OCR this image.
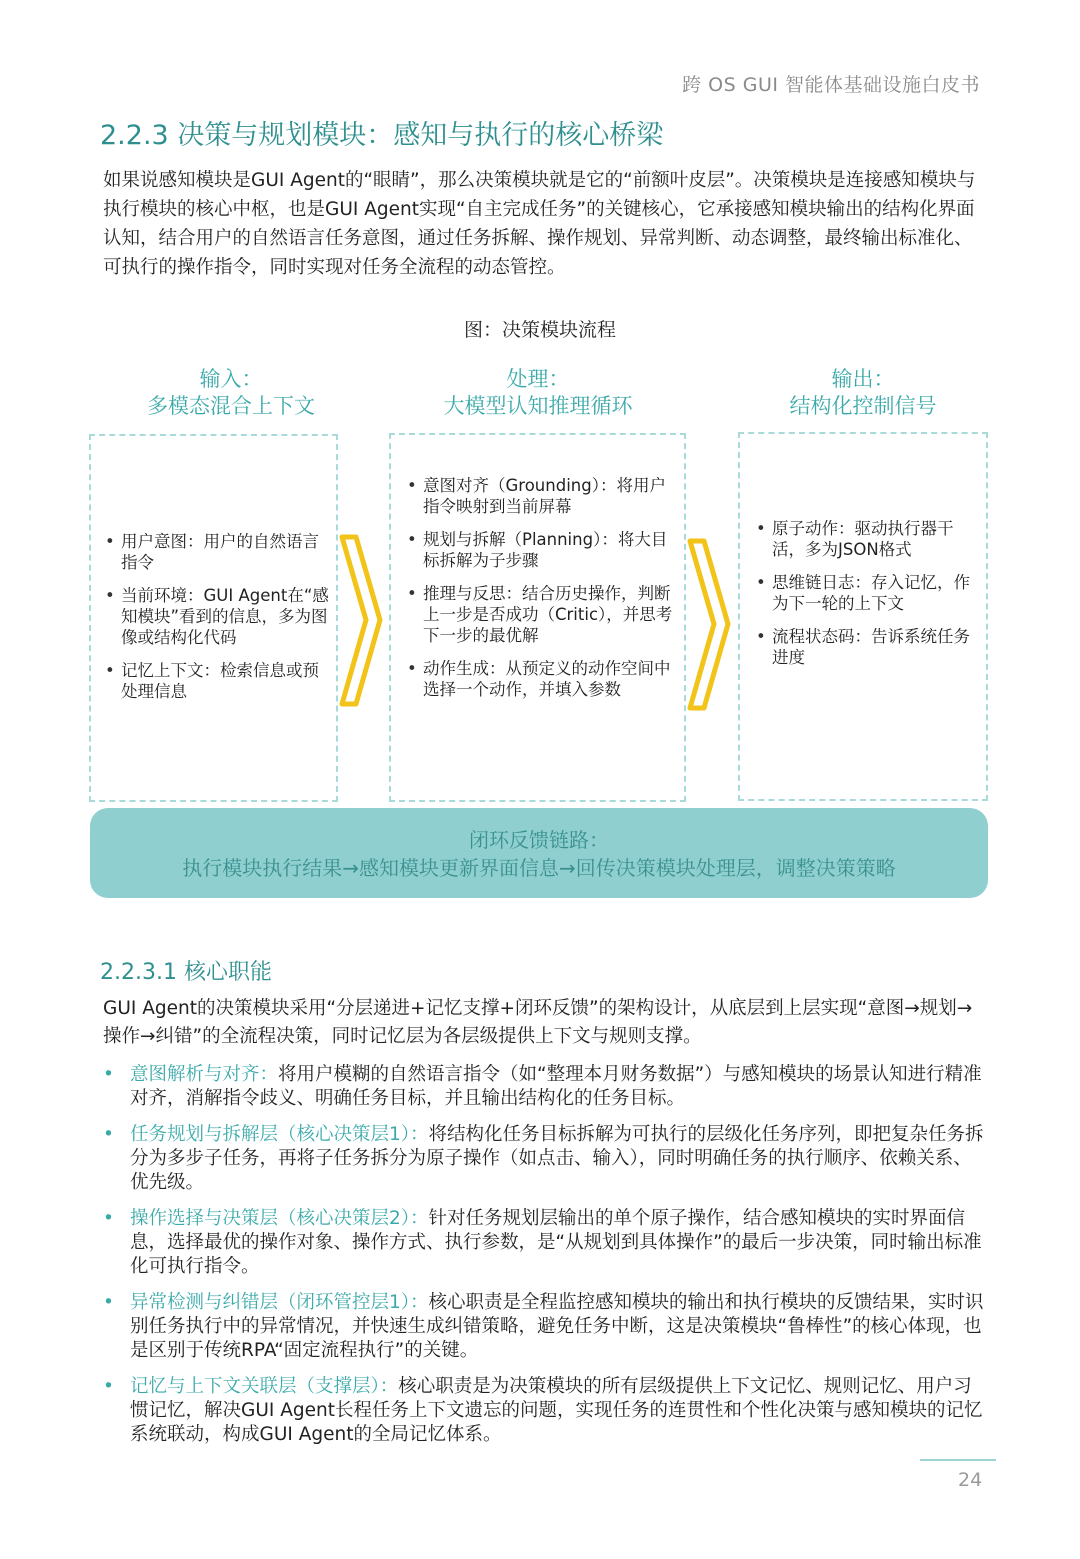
跨 OS GUI 智能体基础设施白皮书
2.2.3 决策与规划模块：感知与执行的核心桥梁
如果说感知模块是GUI Agent的“眼睛”，那么决策模块就是它的“前额叶皮层”。决策模块是连接感知模块与执行模块的核心中枢，也是GUI Agent实现“自主完成任务”的关键核心，它承接感知模块输出的结构化界面认知，结合用户的自然语言任务意图，通过任务拆解、操作规划、异常判断、动态调整，最终输出标准化、可执行的操作指令，同时实现对任务全流程的动态管控。
图：决策模块流程
输入：
多模态混合上下文
处理：
大模型认知推理循环
输出：
结构化控制信号
• 用户意图：用户的自然语言指令
• 当前环境：GUI Agent在“感知模块”看到的信息，多为图像或结构化代码
• 记忆上下文：检索信息或预处理信息
• 意图对齐（Grounding）：将用户指令映射到当前屏幕
• 规划与拆解（Planning）：将大目标拆解为子步骤
• 推理与反思：结合历史操作，判断上一步是否成功（Critic），并思考下一步的最优解
• 动作生成：从预定义的动作空间中选择一个动作，并填入参数
• 原子动作：驱动执行器干活，多为JSON格式
• 思维链日志：存入记忆，作为下一轮的上下文
• 流程状态码：告诉系统任务进度
闭环反馈链路：
执行模块执行结果→感知模块更新界面信息→回传决策模块处理层，调整决策策略
2.2.3.1 核心职能
GUI Agent的决策模块采用“分层递进+记忆支撑+闭环反馈”的架构设计，从底层到上层实现“意图→规划→操作→纠错”的全流程决策，同时记忆层为各层级提供上下文与规则支撑。
• 意图解析与对齐：将用户模糊的自然语言指令（如“整理本月财务数据”）与感知模块的场景认知进行精准对齐，消解指令歧义、明确任务目标，并且输出结构化的任务目标。
• 任务规划与拆解层（核心决策层1）：将结构化任务目标拆解为可执行的层级化任务序列，即把复杂任务拆分为多步子任务，再将子任务拆分为原子操作（如点击、输入），同时明确任务的执行顺序、依赖关系、优先级。
• 操作选择与决策层（核心决策层2）：针对任务规划层输出的单个原子操作，结合感知模块的实时界面信息，选择最优的操作对象、操作方式、执行参数，是“从规划到具体操作”的最后一步决策，同时输出标准化可执行指令。
• 异常检测与纠错层（闭环管控层1）：核心职责是全程监控感知模块的输出和执行模块的反馈结果，实时识别任务执行中的异常情况，并快速生成纠错策略，避免任务中断，这是决策模块“鲁棒性”的核心体现，也是区别于传统RPA“固定流程执行”的关键。
• 记忆与上下文关联层（支撑层）：核心职责是为决策模块的所有层级提供上下文记忆、规则记忆、用户习惯记忆，解决GUI Agent长程任务上下文遗忘的问题，实现任务的连贯性和个性化决策与感知模块的记忆系统联动，构成GUI Agent的全局记忆体系。
24
